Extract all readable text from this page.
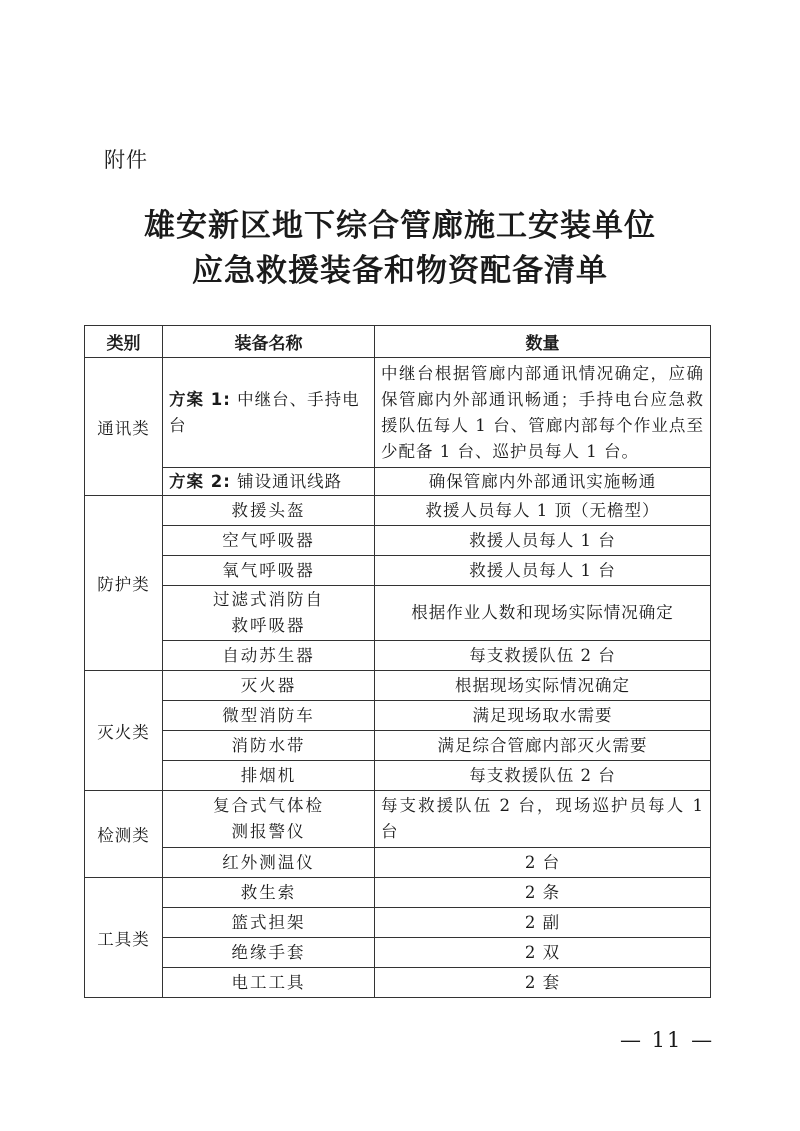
附件
雄安新区地下综合管廊施工安装单位
应急救援装备和物资配备清单
类别	装备名称	数量
通讯类	方案 1: 中继台、手持电台	中继台根据管廊内部通讯情况确定，应确保管廊内外部通讯畅通；手持电台应急救援队伍每人 1 台、管廊内部每个作业点至少配备 1 台、巡护员每人 1 台。
	方案 2: 铺设通讯线路	确保管廊内外部通讯实施畅通
防护类	救援头盔	救援人员每人 1 顶（无檐型）
	空气呼吸器	救援人员每人 1 台
	氧气呼吸器	救援人员每人 1 台
	过滤式消防自救呼吸器	根据作业人数和现场实际情况确定
	自动苏生器	每支救援队伍 2 台
灭火类	灭火器	根据现场实际情况确定
	微型消防车	满足现场取水需要
	消防水带	满足综合管廊内部灭火需要
	排烟机	每支救援队伍 2 台
检测类	复合式气体检测报警仪	每支救援队伍 2 台，现场巡护员每人 1 台
	红外测温仪	2 台
工具类	救生索	2 条
	篮式担架	2 副
	绝缘手套	2 双
	电工工具	2 套
— 11 —
